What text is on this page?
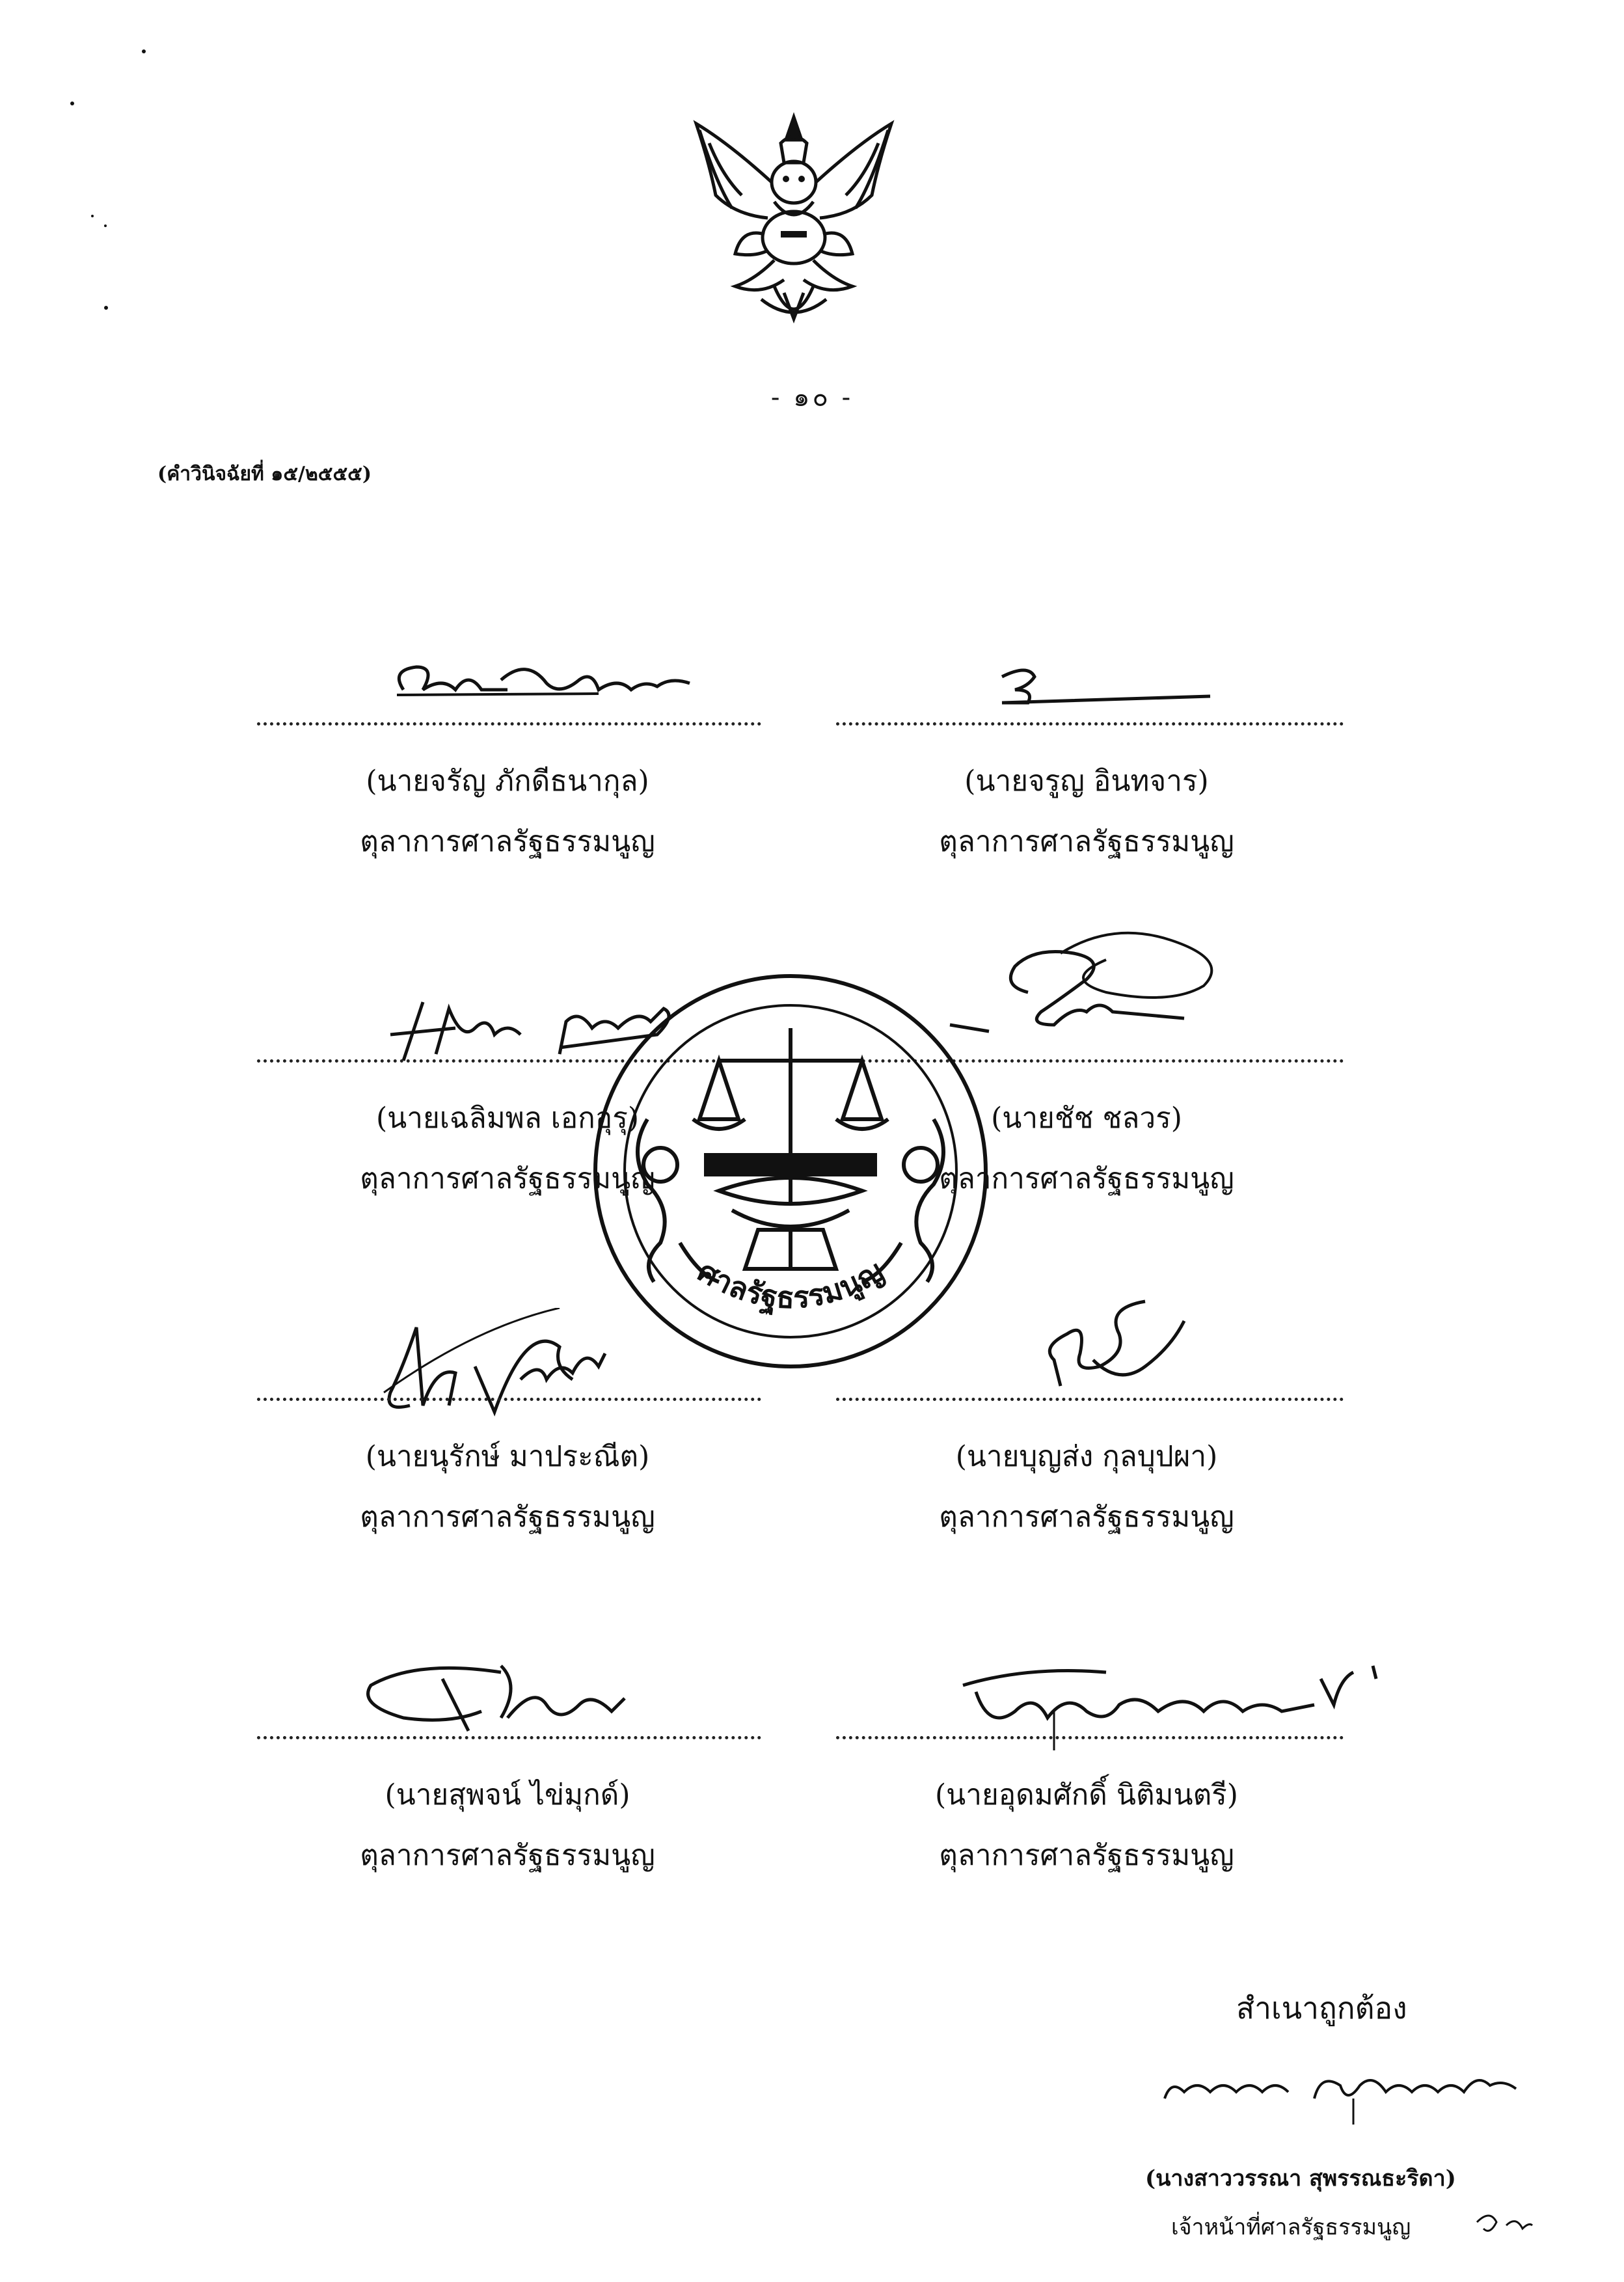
- ๑๐ -
(คำวินิจฉัยที่ ๑๕/๒๕๕๕)
(นายจรัญ ภักดีธนากุล)
ตุลาการศาลรัฐธรรมนูญ
(นายจรูญ อินทจาร)
ตุลาการศาลรัฐธรรมนูญ
(นายเฉลิมพล เอกอุรุ)
ตุลาการศาลรัฐธรรมนูญ
(นายชัช ชลวร)
ตุลาการศาลรัฐธรรมนูญ
(นายนุรักษ์ มาประณีต)
ตุลาการศาลรัฐธรรมนูญ
(นายบุญส่ง กุลบุปผา)
ตุลาการศาลรัฐธรรมนูญ
(นายสุพจน์ ไข่มุกด์)
ตุลาการศาลรัฐธรรมนูญ
(นายอุดมศักดิ์ นิติมนตรี)
ตุลาการศาลรัฐธรรมนูญ
ศาลรัฐธรรมนูญ
สำเนาถูกต้อง
(นางสาววรรณา สุพรรณธะริดา)
เจ้าหน้าที่ศาลรัฐธรรมนูญ
